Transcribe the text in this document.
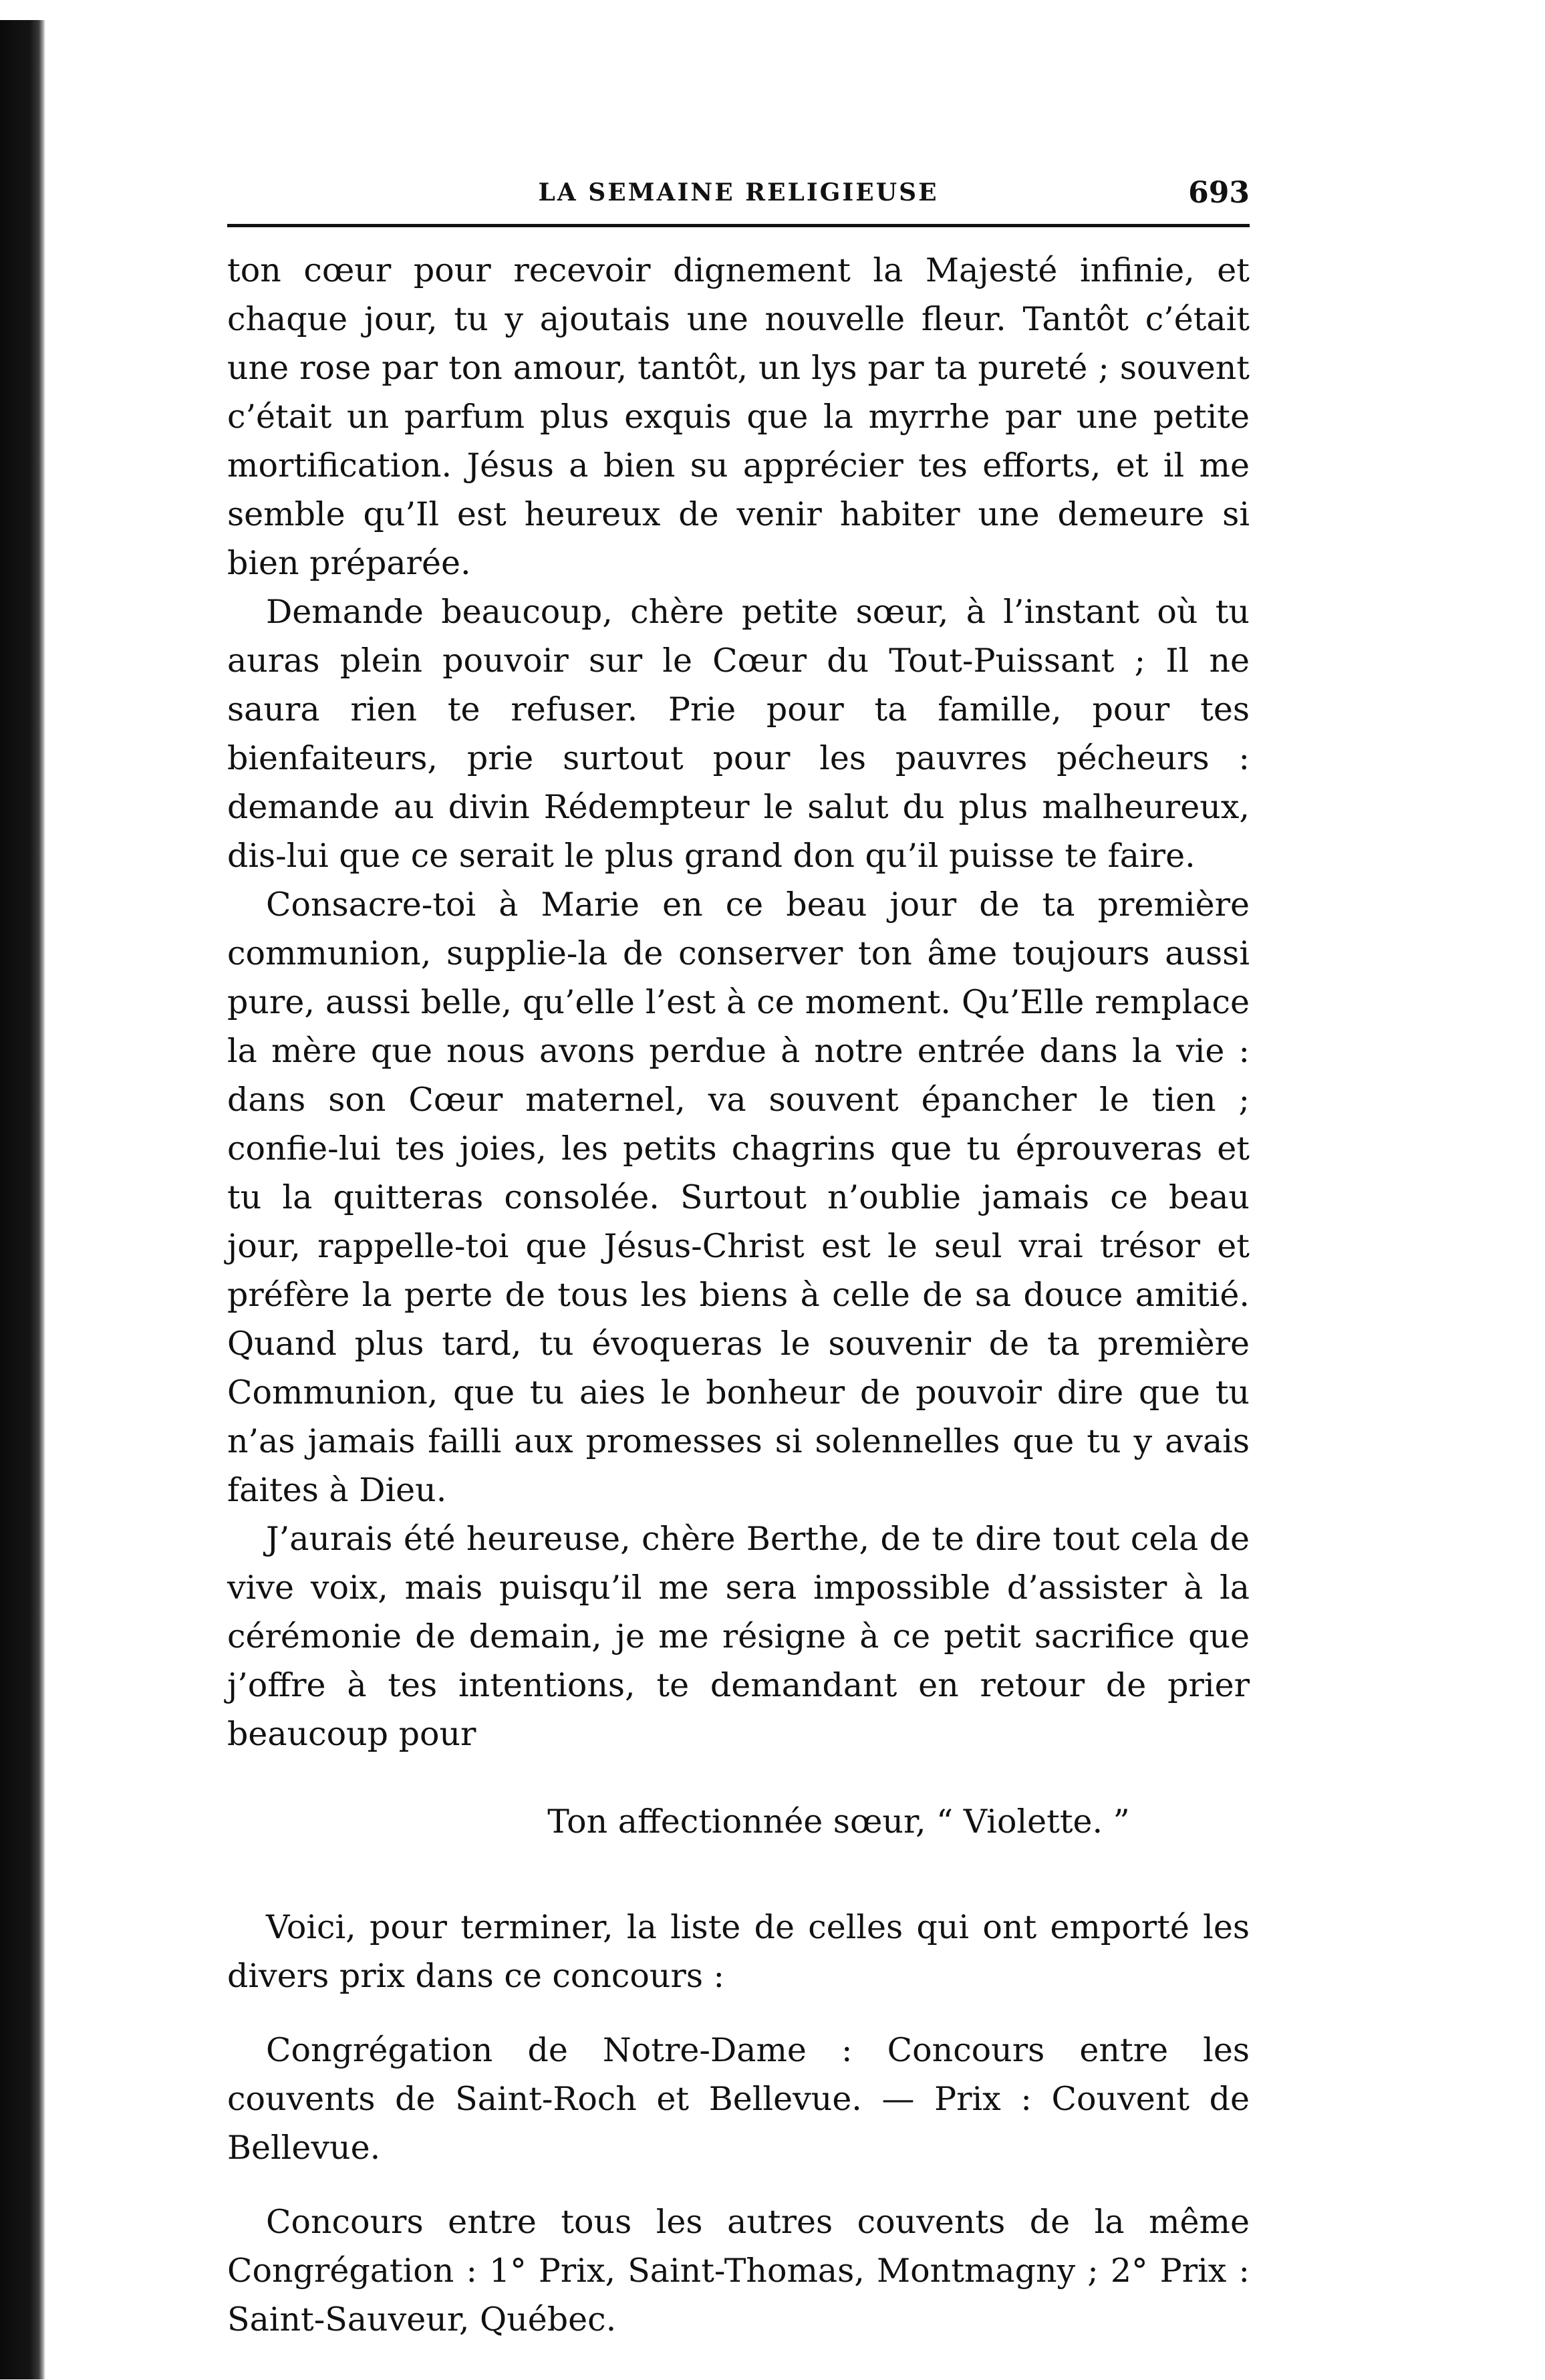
LA SEMAINE RELIGIEUSE	693

ton cœur pour recevoir dignement la Majesté infinie, et chaque jour, tu y ajoutais une nouvelle fleur. Tantôt c’était une rose par ton amour, tantôt, un lys par ta pureté ; souvent c’était un parfum plus exquis que la myrrhe par une petite mortification. Jésus a bien su apprécier tes efforts, et il me semble qu’Il est heureux de venir habiter une demeure si bien préparée.

Demande beaucoup, chère petite sœur, à l’instant où tu auras plein pouvoir sur le Cœur du Tout-Puissant ; Il ne saura rien te refuser. Prie pour ta famille, pour tes bienfaiteurs, prie surtout pour les pauvres pécheurs : demande au divin Rédempteur le salut du plus malheureux, dis-lui que ce serait le plus grand don qu’il puisse te faire.

Consacre-toi à Marie en ce beau jour de ta première communion, supplie-la de conserver ton âme toujours aussi pure, aussi belle, qu’elle l’est à ce moment. Qu’Elle remplace la mère que nous avons perdue à notre entrée dans la vie : dans son Cœur maternel, va souvent épancher le tien ; confie-lui tes joies, les petits chagrins que tu éprouveras et tu la quitteras consolée. Surtout n’oublie jamais ce beau jour, rappelle-toi que Jésus-Christ est le seul vrai trésor et préfère la perte de tous les biens à celle de sa douce amitié. Quand plus tard, tu évoqueras le souvenir de ta première Communion, que tu aies le bonheur de pouvoir dire que tu n’as jamais failli aux promesses si solennelles que tu y avais faites à Dieu.

J’aurais été heureuse, chère Berthe, de te dire tout cela de vive voix, mais puisqu’il me sera impossible d’assister à la cérémonie de demain, je me résigne à ce petit sacrifice que j’offre à tes intentions, te demandant en retour de prier beaucoup pour

Ton affectionnée sœur, “ Violette. ”

Voici, pour terminer, la liste de celles qui ont emporté les divers prix dans ce concours :

Congrégation de Notre-Dame : Concours entre les couvents de Saint-Roch et Bellevue. — Prix : Couvent de Bellevue.

Concours entre tous les autres couvents de la même Congrégation : 1° Prix, Saint-Thomas, Montmagny ; 2° Prix : Saint-Sauveur, Québec.
